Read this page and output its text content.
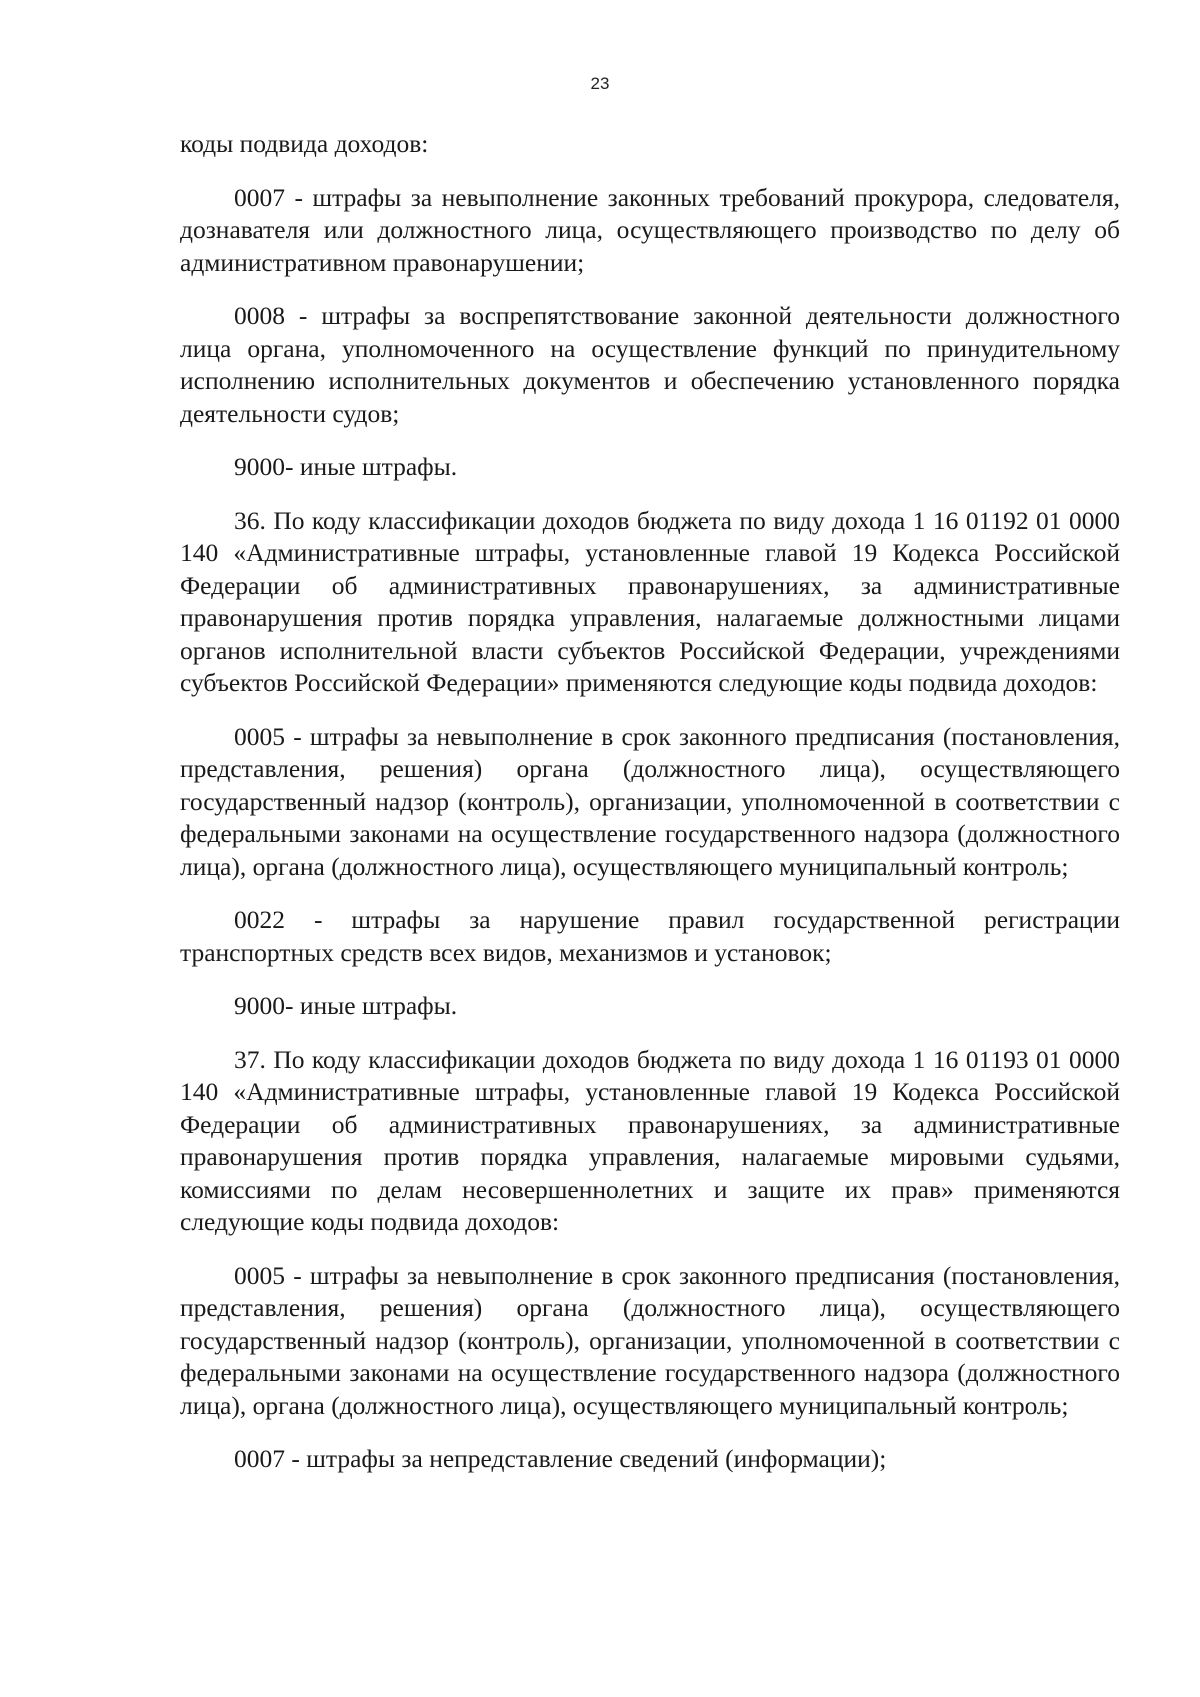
23

коды подвида доходов:

0007 - штрафы за невыполнение законных требований прокурора, следователя, дознавателя или должностного лица, осуществляющего производство по делу об административном правонарушении;

0008 - штрафы за воспрепятствование законной деятельности должностного лица органа, уполномоченного на осуществление функций по принудительному исполнению исполнительных документов и обеспечению установленного порядка деятельности судов;

9000- иные штрафы.

36. По коду классификации доходов бюджета по виду дохода 1 16 01192 01 0000 140 «Административные штрафы, установленные главой 19 Кодекса Российской Федерации об административных правонарушениях, за административные правонарушения против порядка управления, налагаемые должностными лицами органов исполнительной власти субъектов Российской Федерации, учреждениями субъектов Российской Федерации» применяются следующие коды подвида доходов:

0005 - штрафы за невыполнение в срок законного предписания (постановления, представления, решения) органа (должностного лица), осуществляющего государственный надзор (контроль), организации, уполномоченной в соответствии с федеральными законами на осуществление государственного надзора (должностного лица), органа (должностного лица), осуществляющего муниципальный контроль;

0022 - штрафы за нарушение правил государственной регистрации транспортных средств всех видов, механизмов и установок;

9000- иные штрафы.

37. По коду классификации доходов бюджета по виду дохода 1 16 01193 01 0000 140 «Административные штрафы, установленные главой 19 Кодекса Российской Федерации об административных правонарушениях, за административные правонарушения против порядка управления, налагаемые мировыми судьями, комиссиями по делам несовершеннолетних и защите их прав» применяются следующие коды подвида доходов:

0005 - штрафы за невыполнение в срок законного предписания (постановления, представления, решения) органа (должностного лица), осуществляющего государственный надзор (контроль), организации, уполномоченной в соответствии с федеральными законами на осуществление государственного надзора (должностного лица), органа (должностного лица), осуществляющего муниципальный контроль;

0007 - штрафы за непредставление сведений (информации);
